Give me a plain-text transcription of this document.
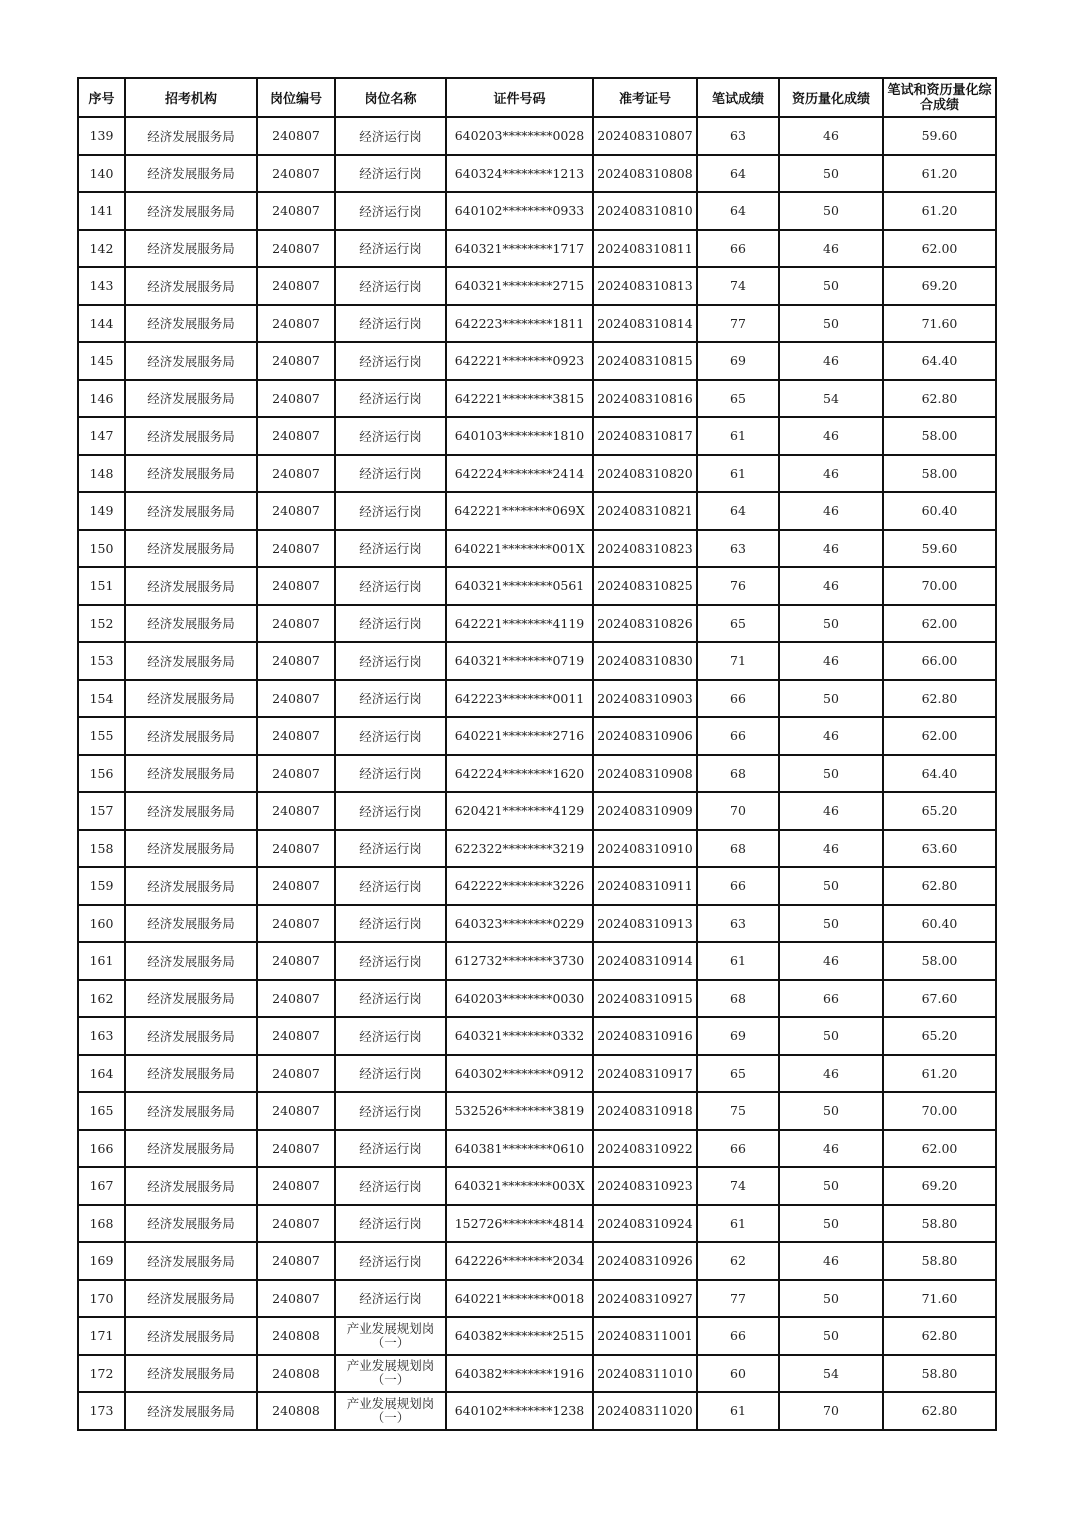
序号	招考机构	岗位编号	岗位名称	证件号码	准考证号	笔试成绩	资历量化成绩	笔试和资历量化综合成绩
139	经济发展服务局	240807	经济运行岗	640203********0028	202408310807	63	46	59.60
140	经济发展服务局	240807	经济运行岗	640324********1213	202408310808	64	50	61.20
141	经济发展服务局	240807	经济运行岗	640102********0933	202408310810	64	50	61.20
142	经济发展服务局	240807	经济运行岗	640321********1717	202408310811	66	46	62.00
143	经济发展服务局	240807	经济运行岗	640321********2715	202408310813	74	50	69.20
144	经济发展服务局	240807	经济运行岗	642223********1811	202408310814	77	50	71.60
145	经济发展服务局	240807	经济运行岗	642221********0923	202408310815	69	46	64.40
146	经济发展服务局	240807	经济运行岗	642221********3815	202408310816	65	54	62.80
147	经济发展服务局	240807	经济运行岗	640103********1810	202408310817	61	46	58.00
148	经济发展服务局	240807	经济运行岗	642224********2414	202408310820	61	46	58.00
149	经济发展服务局	240807	经济运行岗	642221********069X	202408310821	64	46	60.40
150	经济发展服务局	240807	经济运行岗	640221********001X	202408310823	63	46	59.60
151	经济发展服务局	240807	经济运行岗	640321********0561	202408310825	76	46	70.00
152	经济发展服务局	240807	经济运行岗	642221********4119	202408310826	65	50	62.00
153	经济发展服务局	240807	经济运行岗	640321********0719	202408310830	71	46	66.00
154	经济发展服务局	240807	经济运行岗	642223********0011	202408310903	66	50	62.80
155	经济发展服务局	240807	经济运行岗	640221********2716	202408310906	66	46	62.00
156	经济发展服务局	240807	经济运行岗	642224********1620	202408310908	68	50	64.40
157	经济发展服务局	240807	经济运行岗	620421********4129	202408310909	70	46	65.20
158	经济发展服务局	240807	经济运行岗	622322********3219	202408310910	68	46	63.60
159	经济发展服务局	240807	经济运行岗	642222********3226	202408310911	66	50	62.80
160	经济发展服务局	240807	经济运行岗	640323********0229	202408310913	63	50	60.40
161	经济发展服务局	240807	经济运行岗	612732********3730	202408310914	61	46	58.00
162	经济发展服务局	240807	经济运行岗	640203********0030	202408310915	68	66	67.60
163	经济发展服务局	240807	经济运行岗	640321********0332	202408310916	69	50	65.20
164	经济发展服务局	240807	经济运行岗	640302********0912	202408310917	65	46	61.20
165	经济发展服务局	240807	经济运行岗	532526********3819	202408310918	75	50	70.00
166	经济发展服务局	240807	经济运行岗	640381********0610	202408310922	66	46	62.00
167	经济发展服务局	240807	经济运行岗	640321********003X	202408310923	74	50	69.20
168	经济发展服务局	240807	经济运行岗	152726********4814	202408310924	61	50	58.80
169	经济发展服务局	240807	经济运行岗	642226********2034	202408310926	62	46	58.80
170	经济发展服务局	240807	经济运行岗	640221********0018	202408310927	77	50	71.60
171	经济发展服务局	240808	产业发展规划岗（一）	640382********2515	202408311001	66	50	62.80
172	经济发展服务局	240808	产业发展规划岗（一）	640382********1916	202408311010	60	54	58.80
173	经济发展服务局	240808	产业发展规划岗（一）	640102********1238	202408311020	61	70	62.80
